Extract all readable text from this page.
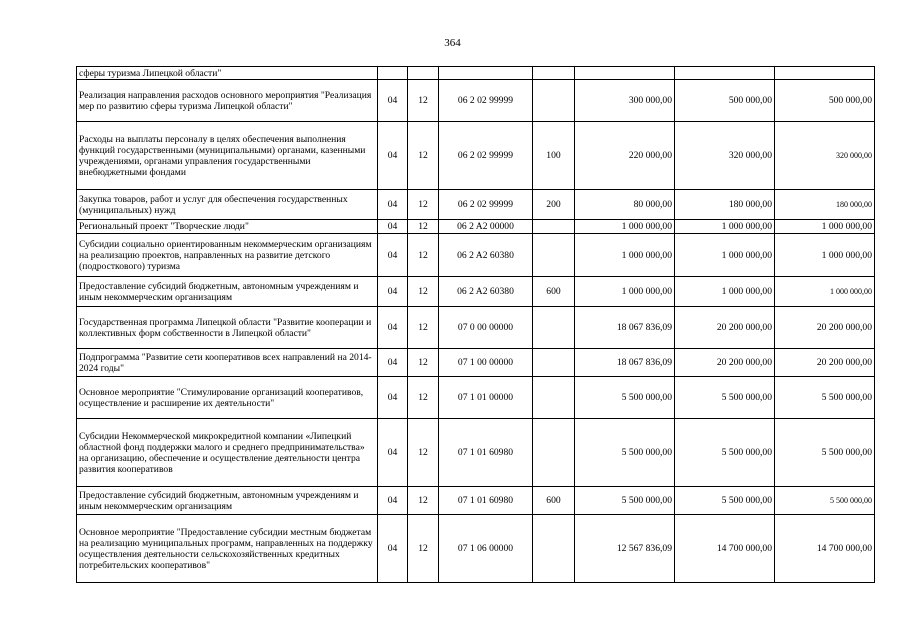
364
сферы туризма Липецкой области"							
Реализация направления расходов основного мероприятия "Реализация мер по развитию сферы туризма Липецкой области"	04	12	06 2 02 99999		300 000,00	500 000,00	500 000,00
Расходы на выплаты персоналу в целях обеспечения выполнения функций государственными (муниципальными) органами, казенными учреждениями, органами управления государственными внебюджетными фондами	04	12	06 2 02 99999	100	220 000,00	320 000,00	320 000,00
Закупка товаров, работ и услуг для обеспечения государственных (муниципальных) нужд	04	12	06 2 02 99999	200	80 000,00	180 000,00	180 000,00
Региональный проект "Творческие люди"	04	12	06 2 A2 00000		1 000 000,00	1 000 000,00	1 000 000,00
Субсидии социально ориентированным некоммерческим организациям на реализацию проектов, направленных на развитие детского (подросткового) туризма	04	12	06 2 A2 60380		1 000 000,00	1 000 000,00	1 000 000,00
Предоставление субсидий бюджетным, автономным учреждениям и иным некоммерческим организациям	04	12	06 2 A2 60380	600	1 000 000,00	1 000 000,00	1 000 000,00
Государственная программа Липецкой области "Развитие кооперации и коллективных форм собственности в Липецкой области"	04	12	07 0 00 00000		18 067 836,09	20 200 000,00	20 200 000,00
Подпрограмма "Развитие сети кооперативов всех направлений на 2014-2024 годы"	04	12	07 1 00 00000		18 067 836,09	20 200 000,00	20 200 000,00
Основное мероприятие "Стимулирование организаций кооперативов, осуществление и расширение их деятельности"	04	12	07 1 01 00000		5 500 000,00	5 500 000,00	5 500 000,00
Субсидии Некоммерческой микрокредитной компании «Липецкий областной фонд поддержки малого и среднего предпринимательства» на организацию, обеспечение и осуществление деятельности центра развития кооперативов	04	12	07 1 01 60980		5 500 000,00	5 500 000,00	5 500 000,00
Предоставление субсидий бюджетным, автономным учреждениям и иным некоммерческим организациям	04	12	07 1 01 60980	600	5 500 000,00	5 500 000,00	5 500 000,00
Основное мероприятие "Предоставление субсидии местным бюджетам на реализацию муниципальных программ, направленных на поддержку осуществления деятельности сельскохозяйственных кредитных потребительских кооперативов"	04	12	07 1 06 00000		12 567 836,09	14 700 000,00	14 700 000,00
